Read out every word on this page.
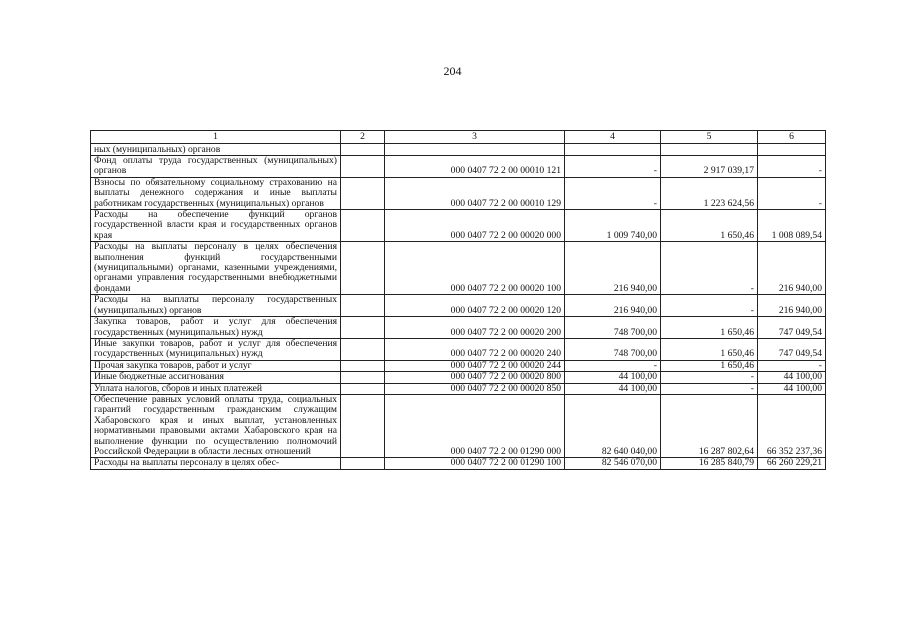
204
1	2	3	4	5	6
ных (муниципальных) органов					
Фонд оплаты труда государственных (муниципальных) органов		000 0407 72 2 00 00010 121	-	2 917 039,17	-
Взносы по обязательному социальному страхованию на выплаты денежного содержания и иные выплаты работникам государственных (муниципальных) органов		000 0407 72 2 00 00010 129	-	1 223 624,56	-
Расходы на обеспечение функций органов государственной власти края и государственных органов края		000 0407 72 2 00 00020 000	1 009 740,00	1 650,46	1 008 089,54
Расходы на выплаты персоналу в целях обеспечения выполнения функций государственными (муниципальными) органами, казенными учреждениями, органами управления государственными внебюджетными фондами		000 0407 72 2 00 00020 100	216 940,00	-	216 940,00
Расходы на выплаты персоналу государственных (муниципальных) органов		000 0407 72 2 00 00020 120	216 940,00	-	216 940,00
Закупка товаров, работ и услуг для обеспечения государственных (муниципальных) нужд		000 0407 72 2 00 00020 200	748 700,00	1 650,46	747 049,54
Иные закупки товаров, работ и услуг для обеспечения государственных (муниципальных) нужд		000 0407 72 2 00 00020 240	748 700,00	1 650,46	747 049,54
Прочая закупка товаров, работ и услуг		000 0407 72 2 00 00020 244	-	1 650,46	-
Иные бюджетные ассигнования		000 0407 72 2 00 00020 800	44 100,00	-	44 100,00
Уплата налогов, сборов и иных платежей		000 0407 72 2 00 00020 850	44 100,00	-	44 100,00
Обеспечение равных условий оплаты труда, социальных гарантий государственным гражданским служащим Хабаровского края и иных выплат, установленных нормативными правовыми актами Хабаровского края на выполнение функции по осуществлению полномочий Российской Федерации в области лесных отношений		000 0407 72 2 00 01290 000	82 640 040,00	16 287 802,64	66 352 237,36
Расходы на выплаты персоналу в целях обес-		000 0407 72 2 00 01290 100	82 546 070,00	16 285 840,79	66 260 229,21
